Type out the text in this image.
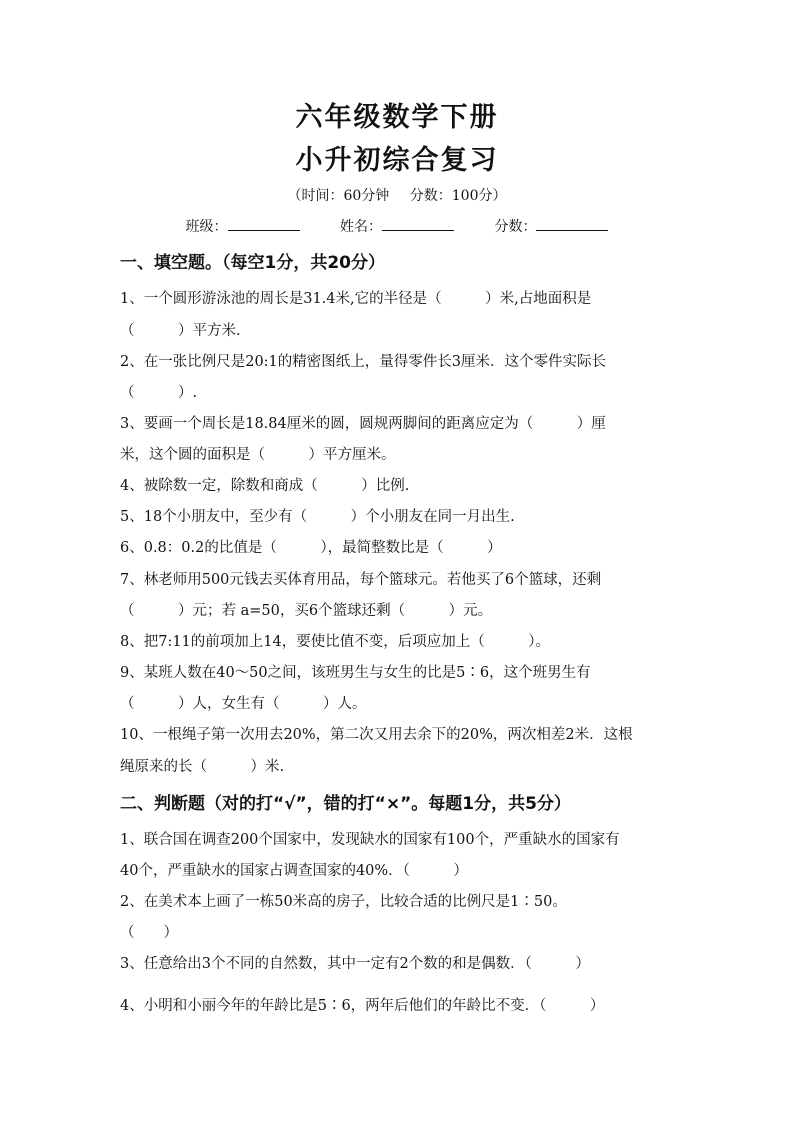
六年级数学下册
小升初综合复习
（时间：60分钟 分数：100分）
班级：	姓名：	分数：
一、填空题。（每空1分，共20分）
1、一个圆形游泳池的周长是31.4米,它的半径是（　　　）米,占地面积是
（　　　）平方米.
2、在一张比例尺是20:1的精密图纸上，量得零件长3厘米．这个零件实际长
（　　　）.
3、要画一个周长是18.84厘米的圆，圆规两脚间的距离应定为（　　　）厘
米，这个圆的面积是（　　　）平方厘米。
4、被除数一定，除数和商成（　　　）比例.
5、18个小朋友中，至少有（　　　）个小朋友在同一月出生.
6、0.8：0.2的比值是（　　　），最简整数比是（　　　）
7、林老师用500元钱去买体育用品，每个篮球元。若他买了6个篮球，还剩
（　　　）元；若 a=50，买6个篮球还剩（　　　）元。
8、把7:11的前项加上14，要使比值不变，后项应加上（　　　）。
9、某班人数在40～50之间，该班男生与女生的比是5∶6，这个班男生有
（　　　）人，女生有（　　　）人。
10、一根绳子第一次用去20%，第二次又用去余下的20%，两次相差2米．这根
绳原来的长（　　　）米.
二、判断题（对的打“√”，错的打“×”。每题1分，共5分）
1、联合国在调查200个国家中，发现缺水的国家有100个，严重缺水的国家有
40个，严重缺水的国家占调查国家的40%．（　　　）
2、在美术本上画了一栋50米高的房子，比较合适的比例尺是1∶50。
（　　）
3、任意给出3个不同的自然数，其中一定有2个数的和是偶数．（　　　）
4、小明和小丽今年的年龄比是5∶6，两年后他们的年龄比不变．（　　　）
